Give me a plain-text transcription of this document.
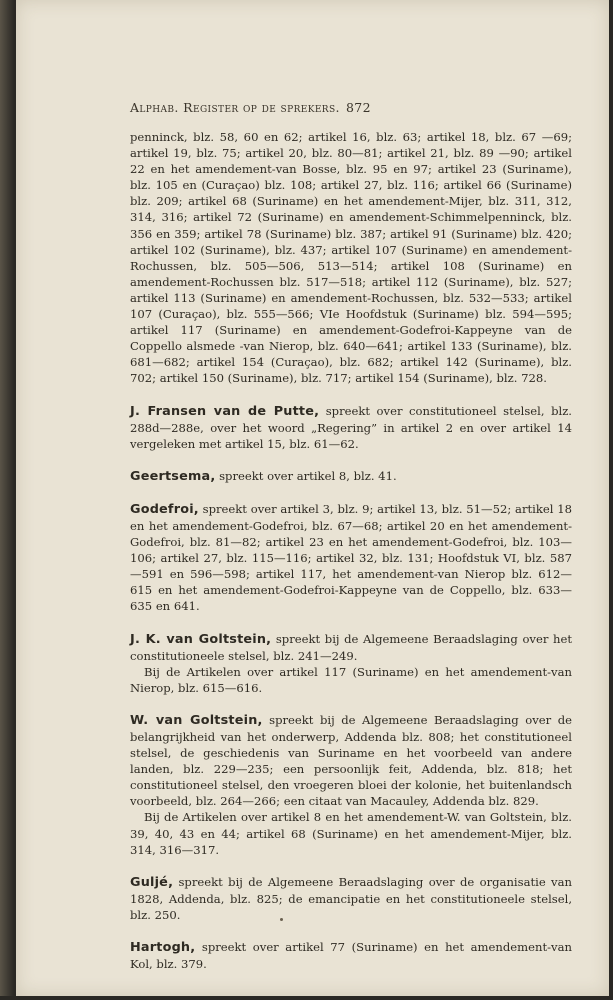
Alphab. Register op de sprekers. 872

penninck, blz. 58, 60 en 62; artikel 16, blz. 63; artikel 18, blz. 67 —69; artikel 19, blz. 75; artikel 20, blz. 80—81; artikel 21, blz. 89 —90; artikel 22 en het amendement-van Bosse, blz. 95 en 97; artikel 23 (Suriname), blz. 105 en (Curaçao) blz. 108; artikel 27, blz. 116; artikel 66 (Suriname) blz. 209; artikel 68 (Suriname) en het amendement-Mijer, blz. 311, 312, 314, 316; artikel 72 (Suriname) en amendement-Schimmelpenninck, blz. 356 en 359; artikel 78 (Suriname) blz. 387; artikel 91 (Suriname) blz. 420; artikel 102 (Suriname), blz. 437; artikel 107 (Suriname) en amendement-Rochussen, blz. 505—506, 513—514; artikel 108 (Suriname) en amendement-Rochussen blz. 517—518; artikel 112 (Suriname), blz. 527; artikel 113 (Suriname) en amendement-Rochussen, blz. 532—533; artikel 107 (Curaçao), blz. 555—566; VIe Hoofdstuk (Suriname) blz. 594—595; artikel 117 (Suriname) en amendement-Godefroi-Kappeyne van de Coppello alsmede -van Nierop, blz. 640—641; artikel 133 (Suriname), blz. 681—682; artikel 154 (Curaçao), blz. 682; artikel 142 (Suriname), blz. 702; artikel 150 (Suriname), blz. 717; artikel 154 (Suriname), blz. 728.

J. Fransen van de Putte, spreekt over constitutioneel stelsel, blz. 288d—288e, over het woord „Regering” in artikel 2 en over artikel 14 vergeleken met artikel 15, blz. 61—62.

Geertsema, spreekt over artikel 8, blz. 41.

Godefroi, spreekt over artikel 3, blz. 9; artikel 13, blz. 51—52; artikel 18 en het amendement-Godefroi, blz. 67—68; artikel 20 en het amendement-Godefroi, blz. 81—82; artikel 23 en het amendement-Godefroi, blz. 103—106; artikel 27, blz. 115—116; artikel 32, blz. 131; Hoofdstuk VI, blz. 587—591 en 596—598; artikel 117, het amendement-van Nierop blz. 612—615 en het amendement-Godefroi-Kappeyne van de Coppello, blz. 633—635 en 641.

J. K. van Goltstein, spreekt bij de Algemeene Beraadslaging over het constitutioneele stelsel, blz. 241—249.

Bij de Artikelen over artikel 117 (Suriname) en het amendement-van Nierop, blz. 615—616.

W. van Goltstein, spreekt bij de Algemeene Beraadslaging over de belangrijkheid van het onderwerp, Addenda blz. 808; het constitutioneel stelsel, de geschiedenis van Suriname en het voorbeeld van andere landen, blz. 229—235; een persoonlijk feit, Addenda, blz. 818; het constitutioneel stelsel, den vroegeren bloei der kolonie, het buitenlandsch voorbeeld, blz. 264—266; een citaat van Macauley, Addenda blz. 829.

Bij de Artikelen over artikel 8 en het amendement-W. van Goltstein, blz. 39, 40, 43 en 44; artikel 68 (Suriname) en het amendement-Mijer, blz. 314, 316—317.

Guljé, spreekt bij de Algemeene Beraadslaging over de organisatie van 1828, Addenda, blz. 825; de emancipatie en het constitutioneele stelsel, blz. 250.

Hartogh, spreekt over artikel 77 (Suriname) en het amendement-van Kol, blz. 379.
